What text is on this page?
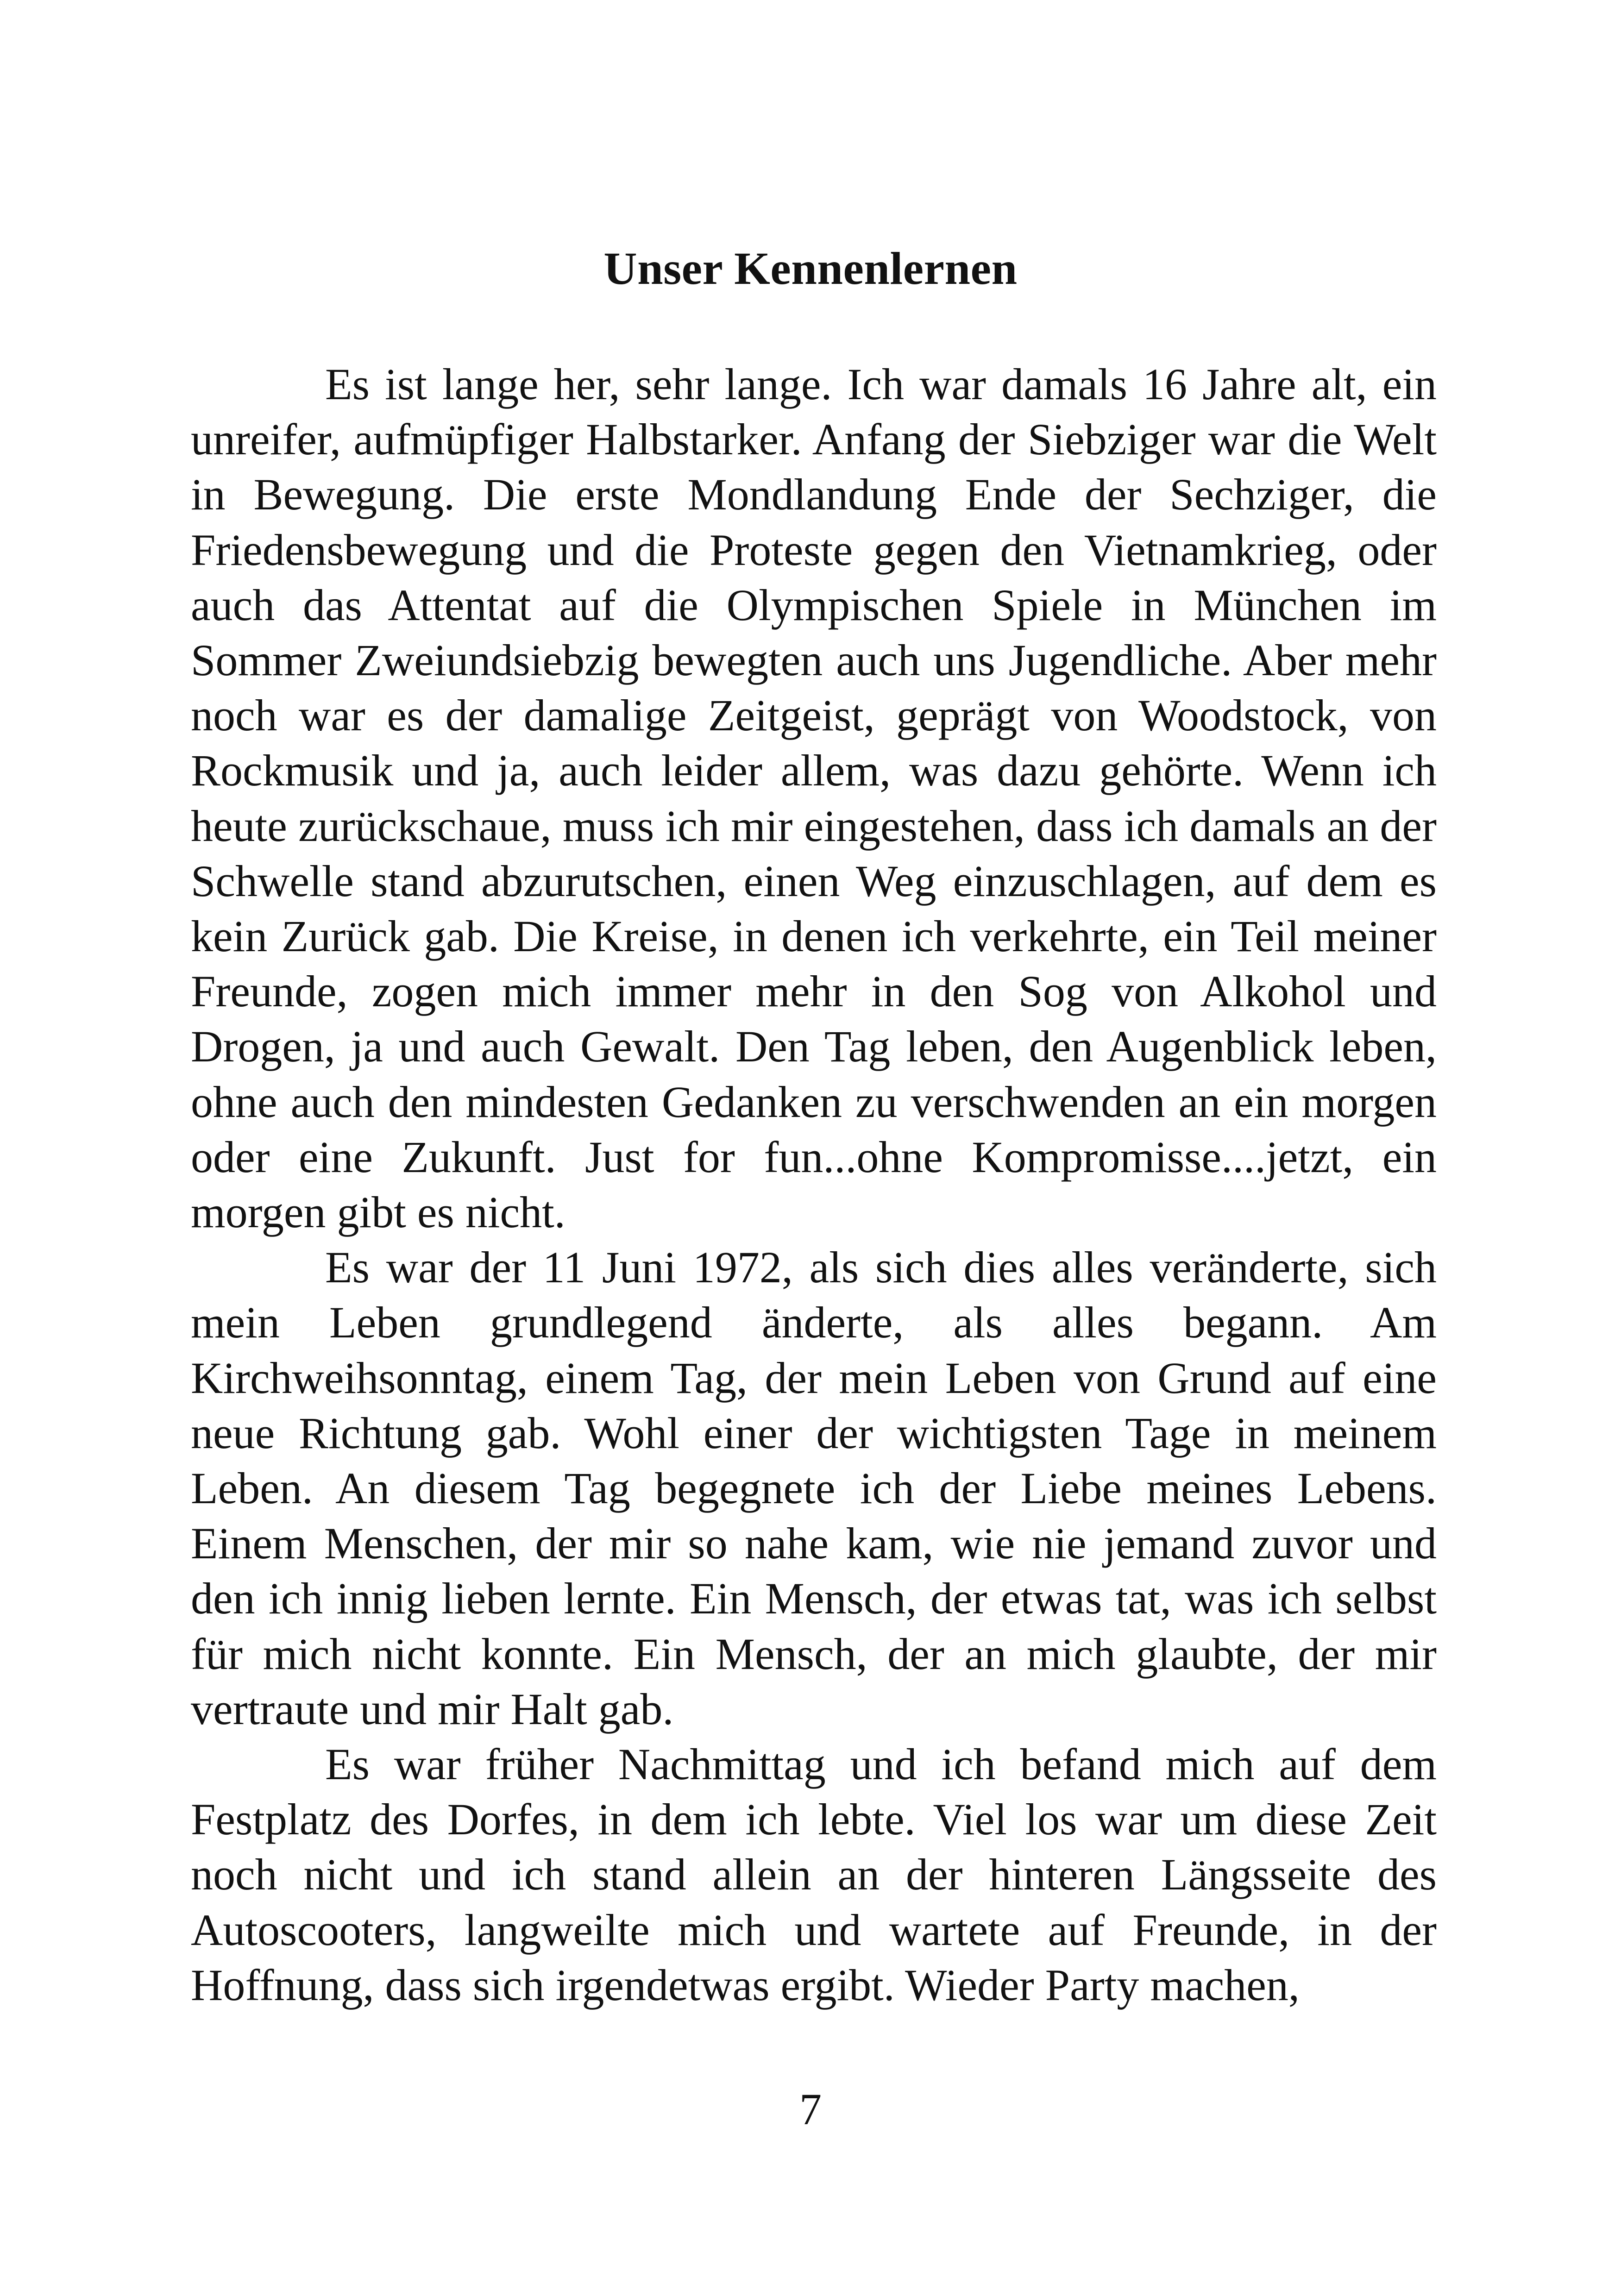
Unser Kennenlernen

Es ist lange her, sehr lange. Ich war damals 16 Jahre alt, ein unreifer, aufmüpfiger Halbstarker. Anfang der Siebziger war die Welt in Bewegung. Die erste Mondlandung Ende der Sechziger, die Friedensbewegung und die Proteste gegen den Vietnamkrieg, oder auch das Attentat auf die Olympischen Spiele in München im Sommer Zweiundsiebzig bewegten auch uns Jugendliche. Aber mehr noch war es der damalige Zeitgeist, geprägt von Woodstock, von Rockmusik und ja, auch leider allem, was dazu gehörte. Wenn ich heute zurückschaue, muss ich mir eingestehen, dass ich damals an der Schwelle stand abzurutschen, einen Weg einzuschlagen, auf dem es kein Zurück gab. Die Kreise, in denen ich verkehrte, ein Teil meiner Freunde, zogen mich immer mehr in den Sog von Alkohol und Drogen, ja und auch Gewalt. Den Tag leben, den Augenblick leben, ohne auch den mindesten Gedanken zu verschwenden an ein morgen oder eine Zukunft. Just for fun...ohne Kompromisse....jetzt, ein morgen gibt es nicht.

Es war der 11 Juni 1972, als sich dies alles veränderte, sich mein Leben grundlegend änderte, als alles begann. Am Kirchweihsonntag, einem Tag, der mein Leben von Grund auf eine neue Richtung gab. Wohl einer der wichtigsten Tage in meinem Leben. An diesem Tag begegnete ich der Liebe meines Lebens. Einem Menschen, der mir so nahe kam, wie nie jemand zuvor und den ich innig lieben lernte. Ein Mensch, der etwas tat, was ich selbst für mich nicht konnte. Ein Mensch, der an mich glaubte, der mir vertraute und mir Halt gab.

Es war früher Nachmittag und ich befand mich auf dem Festplatz des Dorfes, in dem ich lebte. Viel los war um diese Zeit noch nicht und ich stand allein an der hinteren Längsseite des Autoscooters, langweilte mich und wartete auf Freunde, in der Hoffnung, dass sich irgendetwas ergibt. Wieder Party machen,

7
